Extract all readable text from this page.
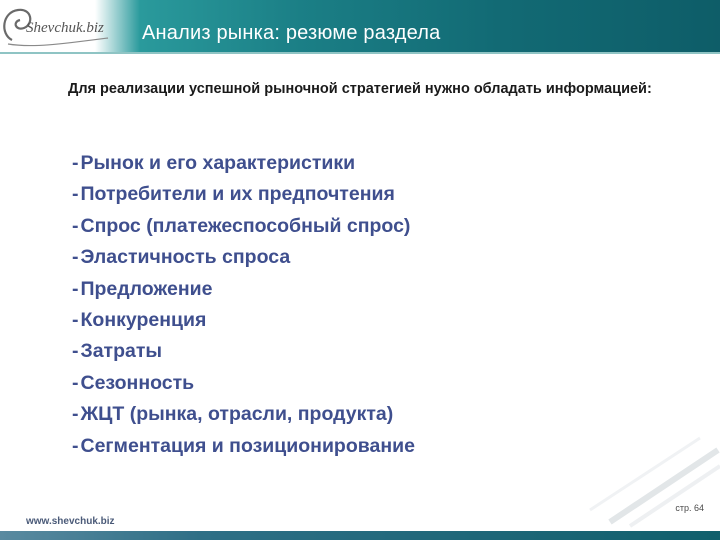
Shevchuk.biz Анализ рынка: резюме раздела
Для реализации успешной рыночной стратегией нужно обладать информацией:
- Рынок и его характеристики
- Потребители и их предпочтения
- Спрос (платежеспособный спрос)
- Эластичность спроса
- Предложение
- Конкуренция
- Затраты
- Сезонность
- ЖЦТ (рынка, отрасли, продукта)
- Сегментация и позиционирование
стр. 64
www.shevchuk.biz
